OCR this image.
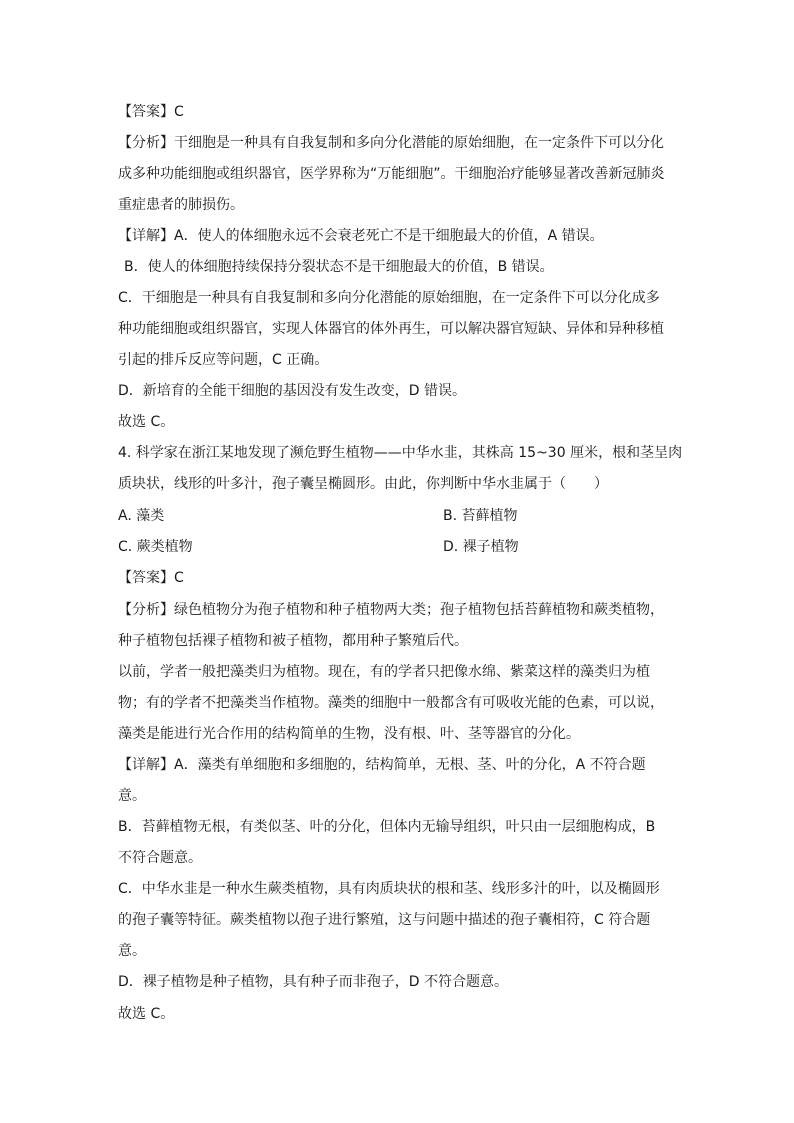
【答案】C
【分析】干细胞是一种具有自我复制和多向分化潜能的原始细胞，在一定条件下可以分化
成多种功能细胞或组织器官，医学界称为“万能细胞”。干细胞治疗能够显著改善新冠肺炎
重症患者的肺损伤。
【详解】A．使人的体细胞永远不会衰老死亡不是干细胞最大的价值，A 错误。
B．使人的体细胞持续保持分裂状态不是干细胞最大的价值，B 错误。
C．干细胞是一种具有自我复制和多向分化潜能的原始细胞，在一定条件下可以分化成多
种功能细胞或组织器官，实现人体器官的体外再生，可以解决器官短缺、异体和异种移植
引起的排斥反应等问题，C 正确。
D．新培育的全能干细胞的基因没有发生改变，D 错误。
故选 C。
4. 科学家在浙江某地发现了濒危野生植物——中华水韭，其株高 15~30 厘米，根和茎呈肉
质块状，线形的叶多汁，孢子囊呈椭圆形。由此，你判断中华水韭属于（　　）
A. 藻类	B. 苔藓植物
C. 蕨类植物	D. 裸子植物
【答案】C
【分析】绿色植物分为孢子植物和种子植物两大类；孢子植物包括苔藓植物和蕨类植物，
种子植物包括裸子植物和被子植物，都用种子繁殖后代。
以前，学者一般把藻类归为植物。现在，有的学者只把像水绵、紫菜这样的藻类归为植
物；有的学者不把藻类当作植物。藻类的细胞中一般都含有可吸收光能的色素，可以说，
藻类是能进行光合作用的结构简单的生物，没有根、叶、茎等器官的分化。
【详解】A．藻类有单细胞和多细胞的，结构简单，无根、茎、叶的分化，A 不符合题
意。
B．苔藓植物无根，有类似茎、叶的分化，但体内无输导组织，叶只由一层细胞构成，B
不符合题意。
C．中华水韭是一种水生蕨类植物，具有肉质块状的根和茎、线形多汁的叶，以及椭圆形
的孢子囊等特征。蕨类植物以孢子进行繁殖，这与问题中描述的孢子囊相符，C 符合题
意。
D．裸子植物是种子植物，具有种子而非孢子，D 不符合题意。
故选 C。
